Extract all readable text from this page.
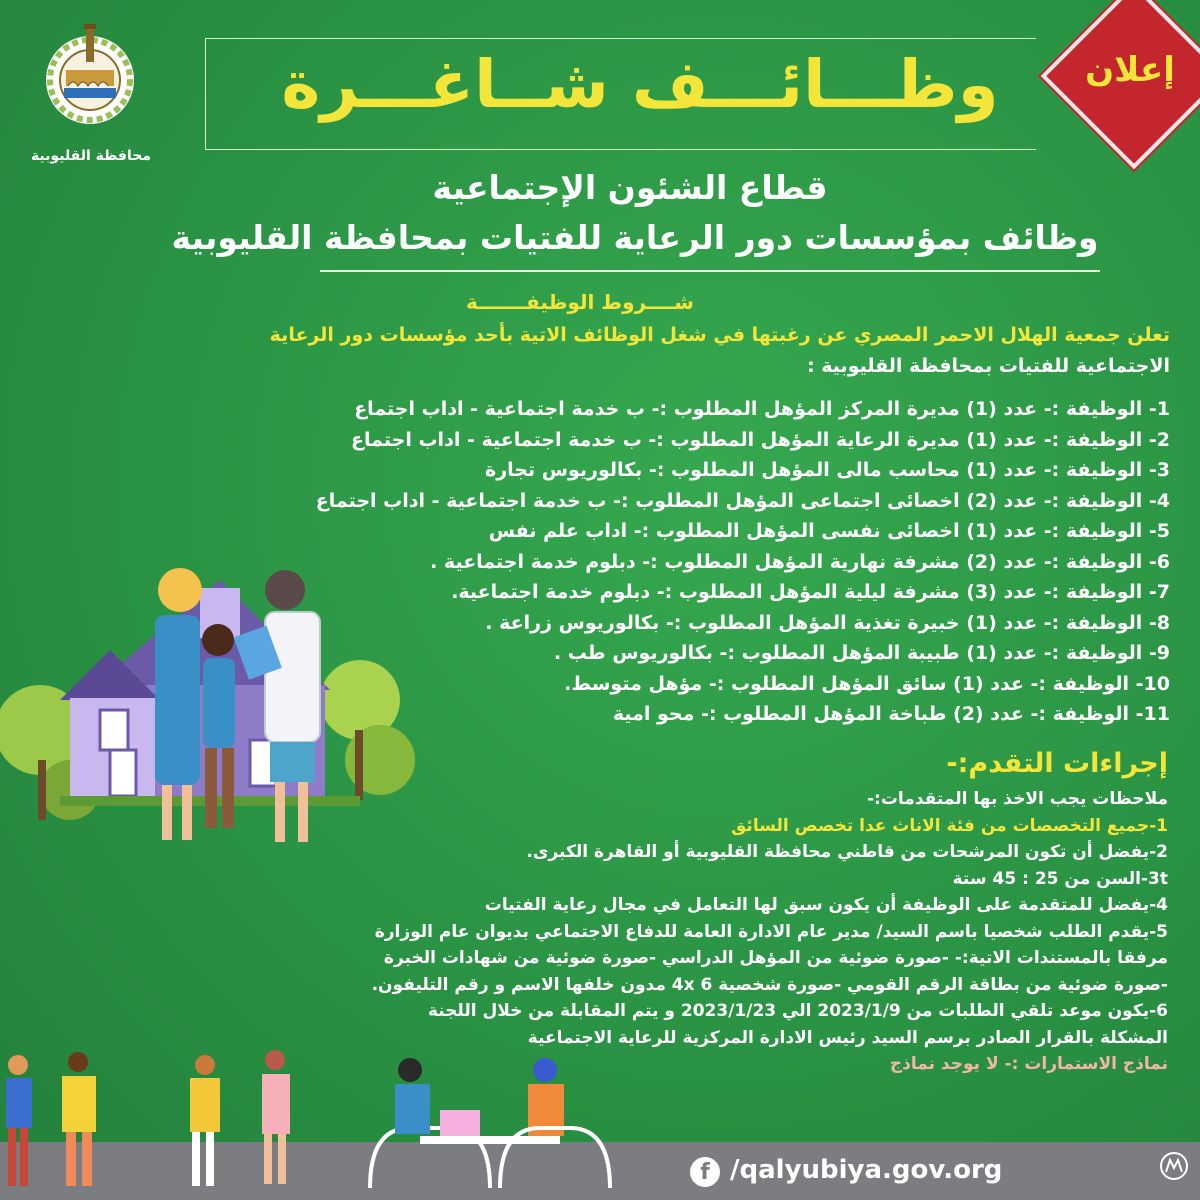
محافظة القليوبية
وظـــائـــف شــاغـــرة	إعلان
قطاع الشئون الإجتماعية
وظائف بمؤسسات دور الرعاية للفتيات بمحافظة القليوبية
شــــروط الوظيفـــــــة
تعلن جمعية الهلال الاحمر المصري عن رغبتها في شغل الوظائف الاتية بأحد مؤسسات دور الرعاية
الاجتماعية للفتيات بمحافظة القليوبية :
1- الوظيفة :- عدد (1) مديرة المركز المؤهل المطلوب :- ب خدمة اجتماعية - اداب اجتماع
2- الوظيفة :- عدد (1) مديرة الرعاية المؤهل المطلوب :- ب خدمة اجتماعية - اداب اجتماع
3- الوظيفة :- عدد (1) محاسب مالى المؤهل المطلوب :- بكالوريوس تجارة
4- الوظيفة :- عدد (2) اخصائى اجتماعى المؤهل المطلوب :- ب خدمة اجتماعية - اداب اجتماع
5- الوظيفة :- عدد (1) اخصائى نفسى المؤهل المطلوب :- اداب علم نفس
6- الوظيفة :- عدد (2) مشرفة نهارية المؤهل المطلوب :- دبلوم خدمة اجتماعية .
7- الوظيفة :- عدد (3) مشرفة ليلية المؤهل المطلوب :- دبلوم خدمة اجتماعية.
8- الوظيفة :- عدد (1) خبيرة تغذية المؤهل المطلوب :- بكالوريوس زراعة .
9- الوظيفة :- عدد (1) طبيبة المؤهل المطلوب :- بكالوريوس طب .
10- الوظيفة :- عدد (1) سائق المؤهل المطلوب :- مؤهل متوسط.
11- الوظيفة :- عدد (2) طباخة المؤهل المطلوب :- محو امية
إجراءات التقدم:-
ملاحظات يجب الاخذ بها المتقدمات:-
1-جميع التخصصات من فئة الاناث عدا تخصص السائق
2-يفضل أن تكون المرشحات من قاطني محافظة القليوبية أو القاهرة الكبرى.
3t-السن من 25 : 45 ستة
4-يفضل للمتقدمة على الوظيفة أن يكون سبق لها التعامل في مجال رعاية الفتيات
5-يقدم الطلب شخصيا باسم السيد/ مدير عام الادارة العامة للدفاع الاجتماعي بديوان عام الوزارة
مرفقا بالمستندات الاتية:- -صورة ضوئية من المؤهل الدراسي -صورة ضوئية من شهادات الخبرة
-صورة ضوئية من بطاقة الرقم القومي -صورة شخصية 6 4x مدون خلفها الاسم و رقم التليفون.
6-يكون موعد تلقي الطلبات من 2023/1/9 الي 2023/1/23 و يتم المقابلة من خلال اللجنة
المشكلة بالقرار الصادر برسم السيد رئيس الادارة المركزية للرعاية الاجتماعية
نماذج الاستمارات :- لا يوجد نماذج
f /qalyubiya.gov.org
